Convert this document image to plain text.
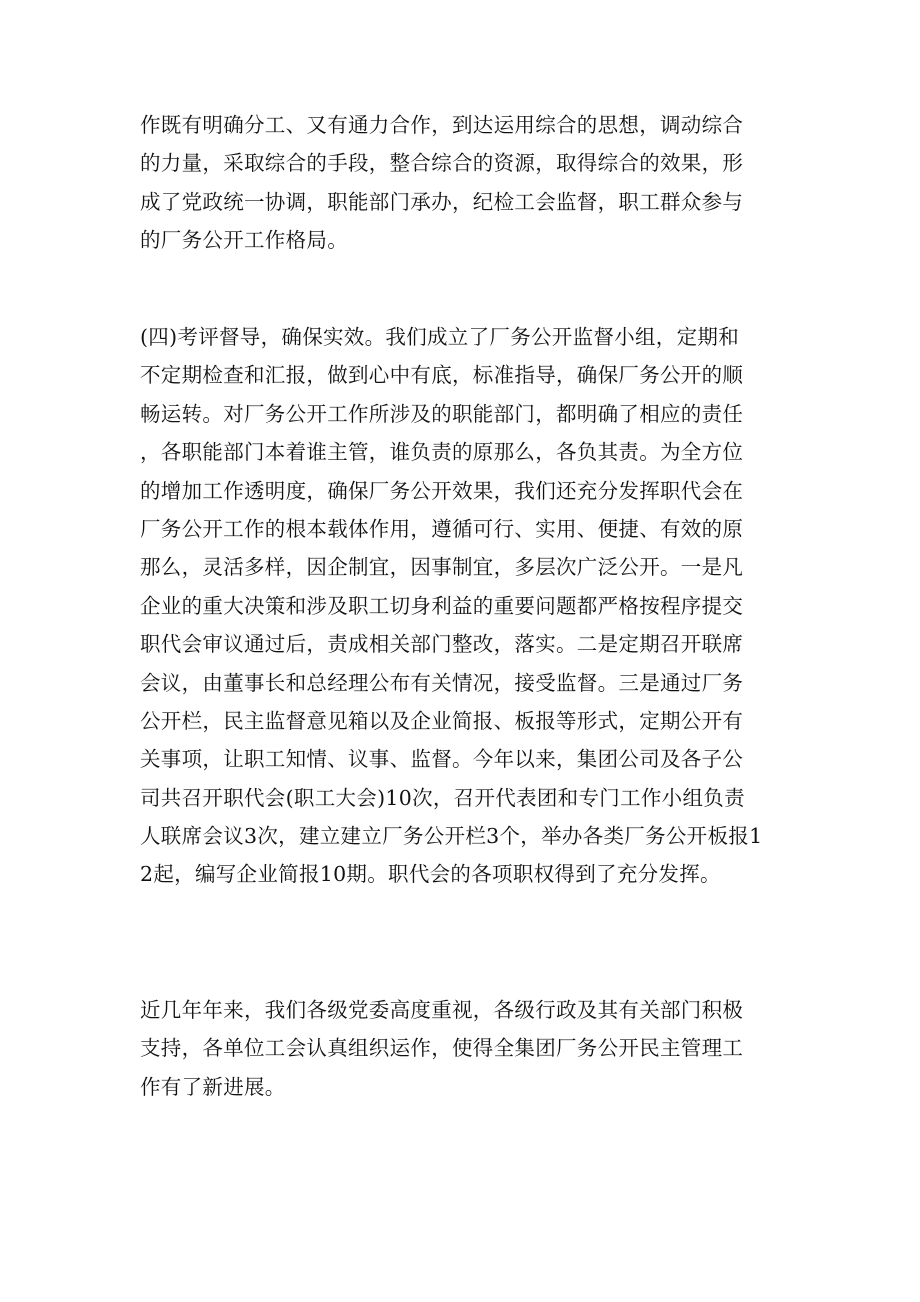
作既有明确分工、又有通力合作，到达运用综合的思想，调动综合
的力量，采取综合的手段，整合综合的资源，取得综合的效果，形
成了党政统一协调，职能部门承办，纪检工会监督，职工群众参与
的厂务公开工作格局。
(四)考评督导，确保实效。我们成立了厂务公开监督小组，定期和
不定期检查和汇报，做到心中有底，标准指导，确保厂务公开的顺
畅运转。对厂务公开工作所涉及的职能部门，都明确了相应的责任
，各职能部门本着谁主管，谁负责的原那么，各负其责。为全方位
的增加工作透明度，确保厂务公开效果，我们还充分发挥职代会在
厂务公开工作的根本载体作用，遵循可行、实用、便捷、有效的原
那么，灵活多样，因企制宜，因事制宜，多层次广泛公开。一是凡
企业的重大决策和涉及职工切身利益的重要问题都严格按程序提交
职代会审议通过后，责成相关部门整改，落实。二是定期召开联席
会议，由董事长和总经理公布有关情况，接受监督。三是通过厂务
公开栏，民主监督意见箱以及企业简报、板报等形式，定期公开有
关事项，让职工知情、议事、监督。今年以来，集团公司及各子公
司共召开职代会(职工大会)10次，召开代表团和专门工作小组负责
人联席会议3次，建立建立厂务公开栏3个，举办各类厂务公开板报1
2起，编写企业简报10期。职代会的各项职权得到了充分发挥。
近几年年来，我们各级党委高度重视，各级行政及其有关部门积极
支持，各单位工会认真组织运作，使得全集团厂务公开民主管理工
作有了新进展。
